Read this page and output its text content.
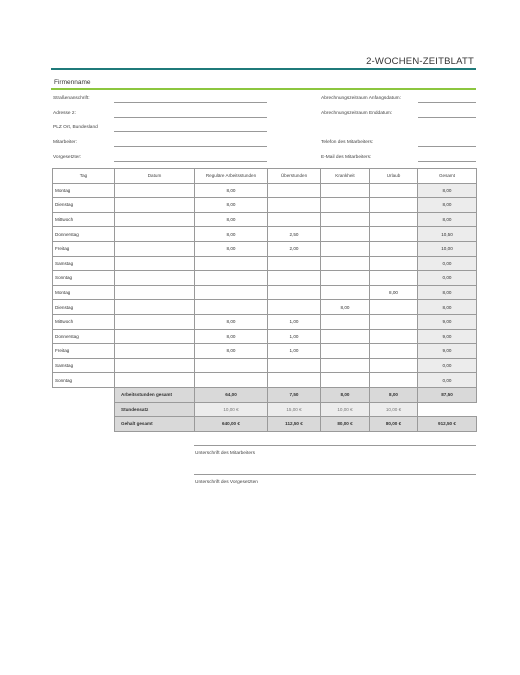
2-WOCHEN-ZEITBLATT
Firmenname
Straßenanschrift:
Adresse 2:
PLZ Ort, Bundesland
Mitarbeiter:
Vorgesetzter:
Abrechnungszeitraum Anfangsdatum:
Abrechnungszeitraum Enddatum:
Telefon des Mitarbeiters:
E-Mail des Mitarbeiters:
Tag	Datum	Reguläre Arbeitsstunden	Überstunden	Krankheit	Urlaub	Gesamt
Montag		8,00				8,00
Dienstag		8,00				8,00
Mittwoch		8,00				8,00
Donnerstag		8,00	2,50			10,50
Freitag		8,00	2,00			10,00
Samstag						0,00
Sonntag						0,00
Montag					8,00	8,00
Dienstag				8,00		8,00
Mittwoch		8,00	1,00			9,00
Donnerstag		8,00	1,00			9,00
Freitag		8,00	1,00			9,00
Samstag						0,00
Sonntag						0,00
	Arbeitsstunden gesamt	64,00	7,50	8,00	8,00	87,50
	Stundensatz	10,00 €	15,00 €	10,00 €	10,00 €	
	Gehalt gesamt	640,00 €	112,50 €	80,00 €	80,00 €	912,50 €
Unterschrift des Mitarbeiters
Unterschrift des Vorgesetzten
